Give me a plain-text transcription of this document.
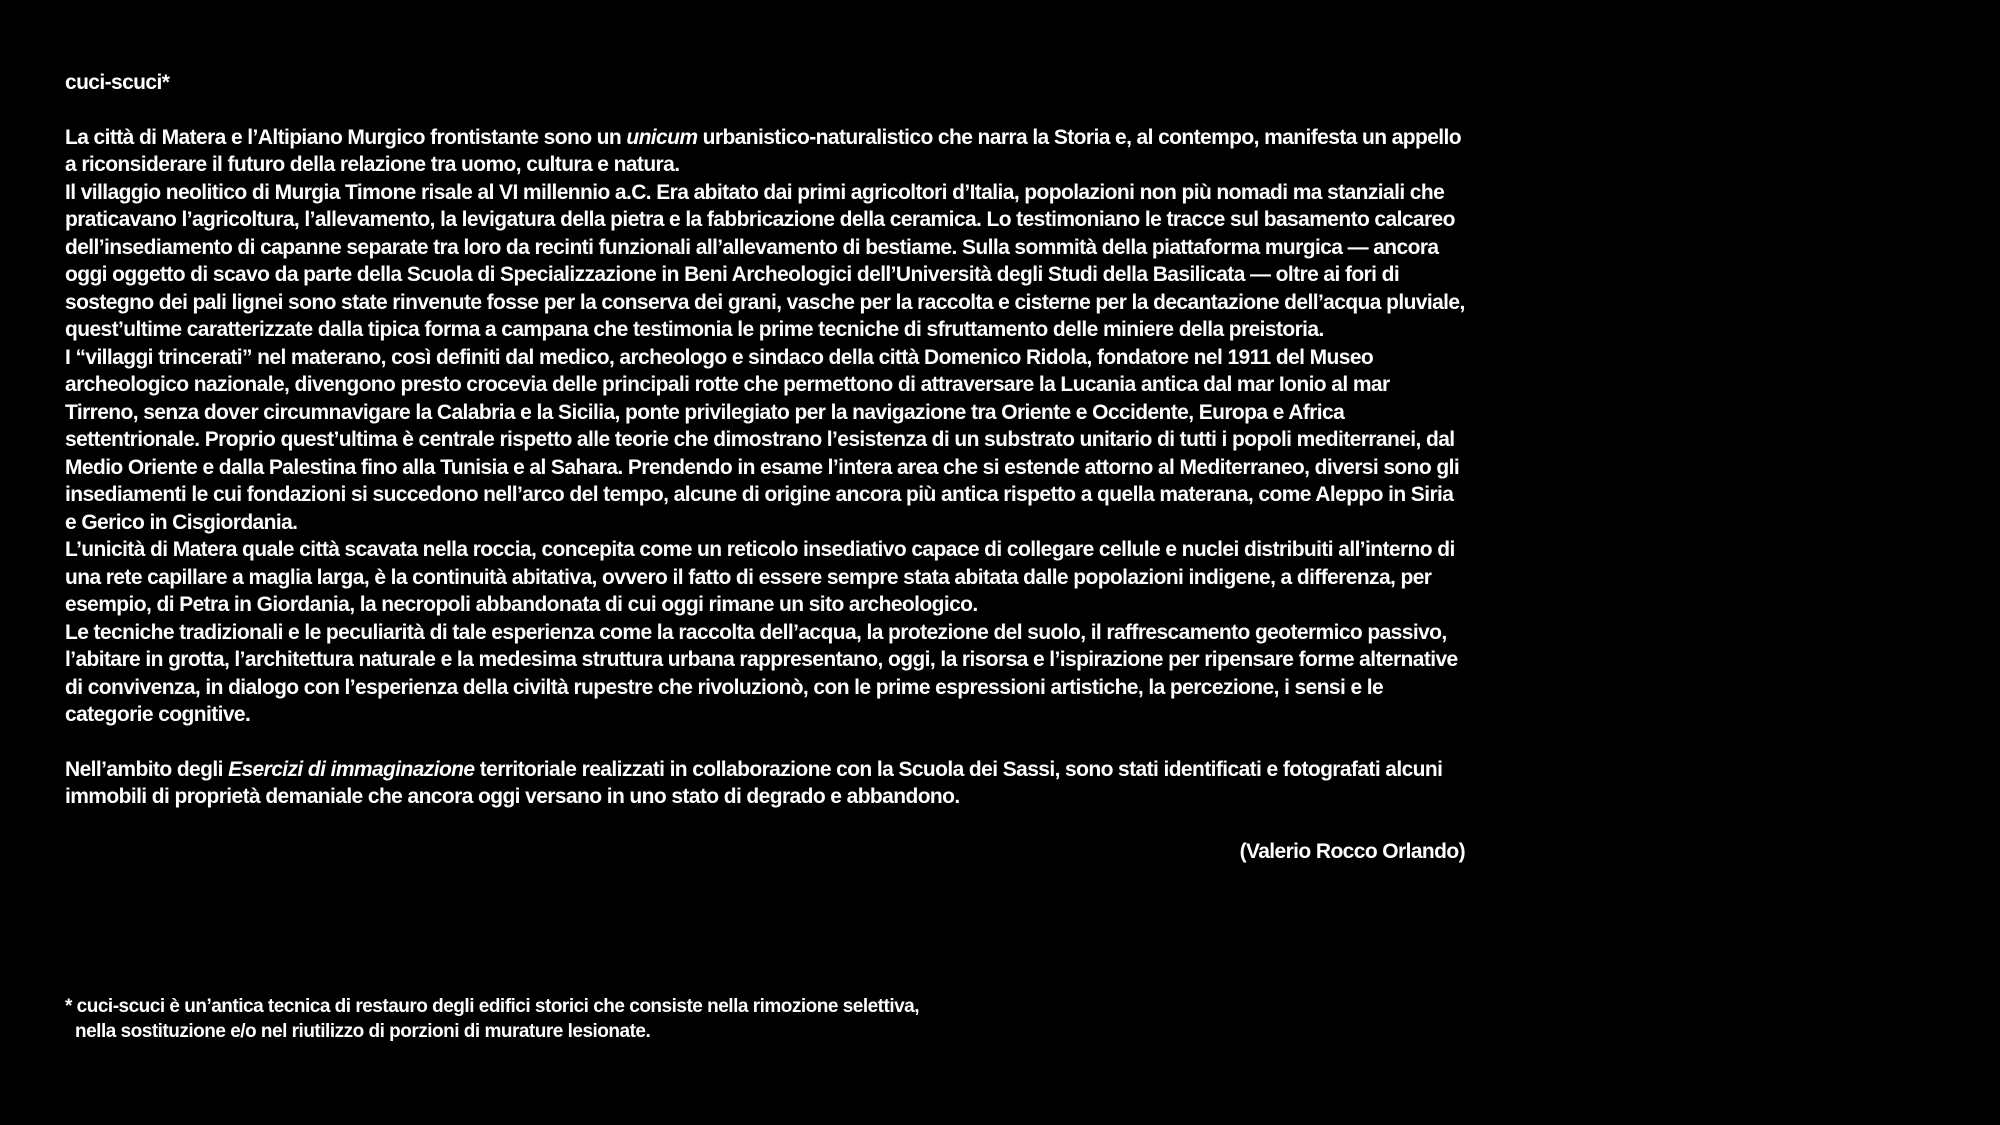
cuci-scuci*

La città di Matera e l’Altipiano Murgico frontistante sono un unicum urbanistico-naturalistico che narra la Storia e, al contempo, manifesta un appello a riconsiderare il futuro della relazione tra uomo, cultura e natura.

Il villaggio neolitico di Murgia Timone risale al VI millennio a.C. Era abitato dai primi agricoltori d’Italia, popolazioni non più nomadi ma stanziali che praticavano l’agricoltura, l’allevamento, la levigatura della pietra e la fabbricazione della ceramica. Lo testimoniano le tracce sul basamento calcareo dell’insediamento di capanne separate tra loro da recinti funzionali all’allevamento di bestiame. Sulla sommità della piattaforma murgica — ancora oggi oggetto di scavo da parte della Scuola di Specializzazione in Beni Archeologici dell’Università degli Studi della Basilicata — oltre ai fori di sostegno dei pali lignei sono state rinvenute fosse per la conserva dei grani, vasche per la raccolta e cisterne per la decantazione dell’acqua pluviale, quest’ultime caratterizzate dalla tipica forma a campana che testimonia le prime tecniche di sfruttamento delle miniere della preistoria.

I “villaggi trincerati” nel materano, così definiti dal medico, archeologo e sindaco della città Domenico Ridola, fondatore nel 1911 del Museo archeologico nazionale, divengono presto crocevia delle principali rotte che permettono di attraversare la Lucania antica dal mar Ionio al mar Tirreno, senza dover circumnavigare la Calabria e la Sicilia, ponte privilegiato per la navigazione tra Oriente e Occidente, Europa e Africa settentrionale. Proprio quest’ultima è centrale rispetto alle teorie che dimostrano l’esistenza di un substrato unitario di tutti i popoli mediterranei, dal Medio Oriente e dalla Palestina fino alla Tunisia e al Sahara. Prendendo in esame l’intera area che si estende attorno al Mediterraneo, diversi sono gli insediamenti le cui fondazioni si succedono nell’arco del tempo, alcune di origine ancora più antica rispetto a quella materana, come Aleppo in Siria e Gerico in Cisgiordania.

L’unicità di Matera quale città scavata nella roccia, concepita come un reticolo insediativo capace di collegare cellule e nuclei distribuiti all’interno di una rete capillare a maglia larga, è la continuità abitativa, ovvero il fatto di essere sempre stata abitata dalle popolazioni indigene, a differenza, per esempio, di Petra in Giordania, la necropoli abbandonata di cui oggi rimane un sito archeologico.

Le tecniche tradizionali e le peculiarità di tale esperienza come la raccolta dell’acqua, la protezione del suolo, il raffrescamento geotermico passivo, l’abitare in grotta, l’architettura naturale e la medesima struttura urbana rappresentano, oggi, la risorsa e l’ispirazione per ripensare forme alternative di convivenza, in dialogo con l’esperienza della civiltà rupestre che rivoluzionò, con le prime espressioni artistiche, la percezione, i sensi e le categorie cognitive.

Nell’ambito degli Esercizi di immaginazione territoriale realizzati in collaborazione con la Scuola dei Sassi, sono stati identificati e fotografati alcuni immobili di proprietà demaniale che ancora oggi versano in uno stato di degrado e abbandono.

(Valerio Rocco Orlando)

* cuci-scuci è un’antica tecnica di restauro degli edifici storici che consiste nella rimozione selettiva,

nella sostituzione e/o nel riutilizzo di porzioni di murature lesionate.
